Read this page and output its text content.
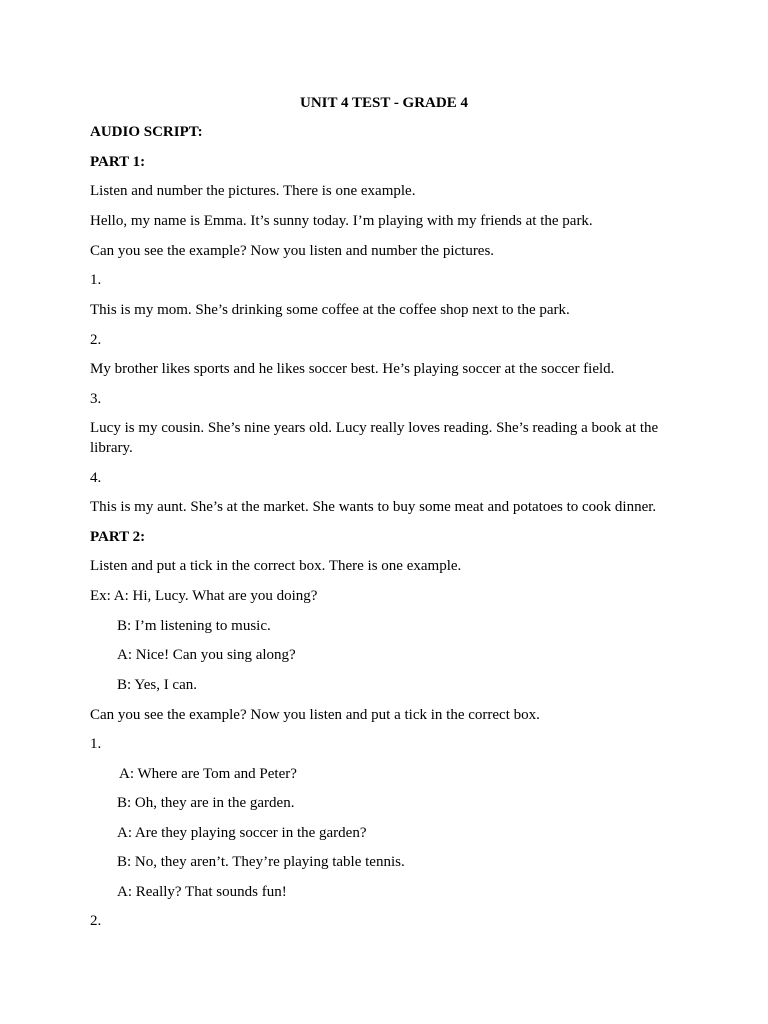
UNIT 4 TEST - GRADE 4
AUDIO SCRIPT:
PART 1:
Listen and number the pictures. There is one example.
Hello, my name is Emma. It’s sunny today. I’m playing with my friends at the park.
Can you see the example? Now you listen and number the pictures.
1.
This is my mom. She’s drinking some coffee at the coffee shop next to the park.
2.
My brother likes sports and he likes soccer best. He’s playing soccer at the soccer field.
3.
Lucy is my cousin. She’s nine years old. Lucy really loves reading. She’s reading a book at the library.
4.
This is my aunt. She’s at the market. She wants to buy some meat and potatoes to cook dinner.
PART 2:
Listen and put a tick in the correct box. There is one example.
Ex: A: Hi, Lucy. What are you doing?
B: I’m listening to music.
A: Nice! Can you sing along?
B: Yes, I can.
Can you see the example? Now you listen and put a tick in the correct box.
1.
A: Where are Tom and Peter?
B: Oh, they are in the garden.
A: Are they playing soccer in the garden?
B: No, they aren’t. They’re playing table tennis.
A: Really? That sounds fun!
2.
